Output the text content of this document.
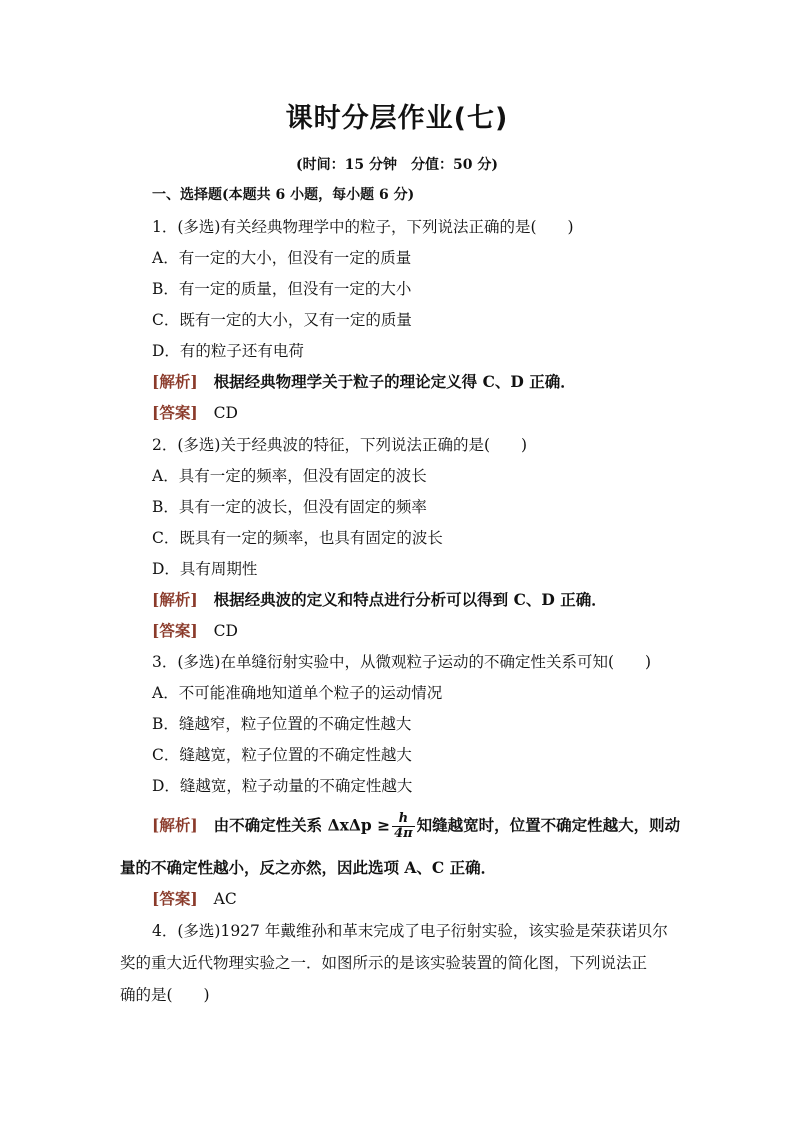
课时分层作业(七)
(时间：15 分钟　分值：50 分)
一、选择题(本题共 6 小题，每小题 6 分)
1．(多选)有关经典物理学中的粒子，下列说法正确的是(　　)
A．有一定的大小，但没有一定的质量
B．有一定的质量，但没有一定的大小
C．既有一定的大小，又有一定的质量
D．有的粒子还有电荷
[解析] 根据经典物理学关于粒子的理论定义得 C、D 正确．
[答案] CD
2．(多选)关于经典波的特征，下列说法正确的是(　　)
A．具有一定的频率，但没有固定的波长
B．具有一定的波长，但没有固定的频率
C．既具有一定的频率，也具有固定的波长
D．具有周期性
[解析] 根据经典波的定义和特点进行分析可以得到 C、D 正确．
[答案] CD
3．(多选)在单缝衍射实验中，从微观粒子运动的不确定性关系可知(　　)
A．不可能准确地知道单个粒子的运动情况
B．缝越窄，粒子位置的不确定性越大
C．缝越宽，粒子位置的不确定性越大
D．缝越宽，粒子动量的不确定性越大
[解析] 由不确定性关系 $\Delta x\Delta p \ge \frac{h}{4\pi}$ 知缝越宽时，位置不确定性越大，则动
量的不确定性越小，反之亦然，因此选项 A、C 正确．
[答案] AC
4．(多选)1927 年戴维孙和革末完成了电子衍射实验，该实验是荣获诺贝尔
奖的重大近代物理实验之一．如图所示的是该实验装置的简化图，下列说法正
确的是(　　)
